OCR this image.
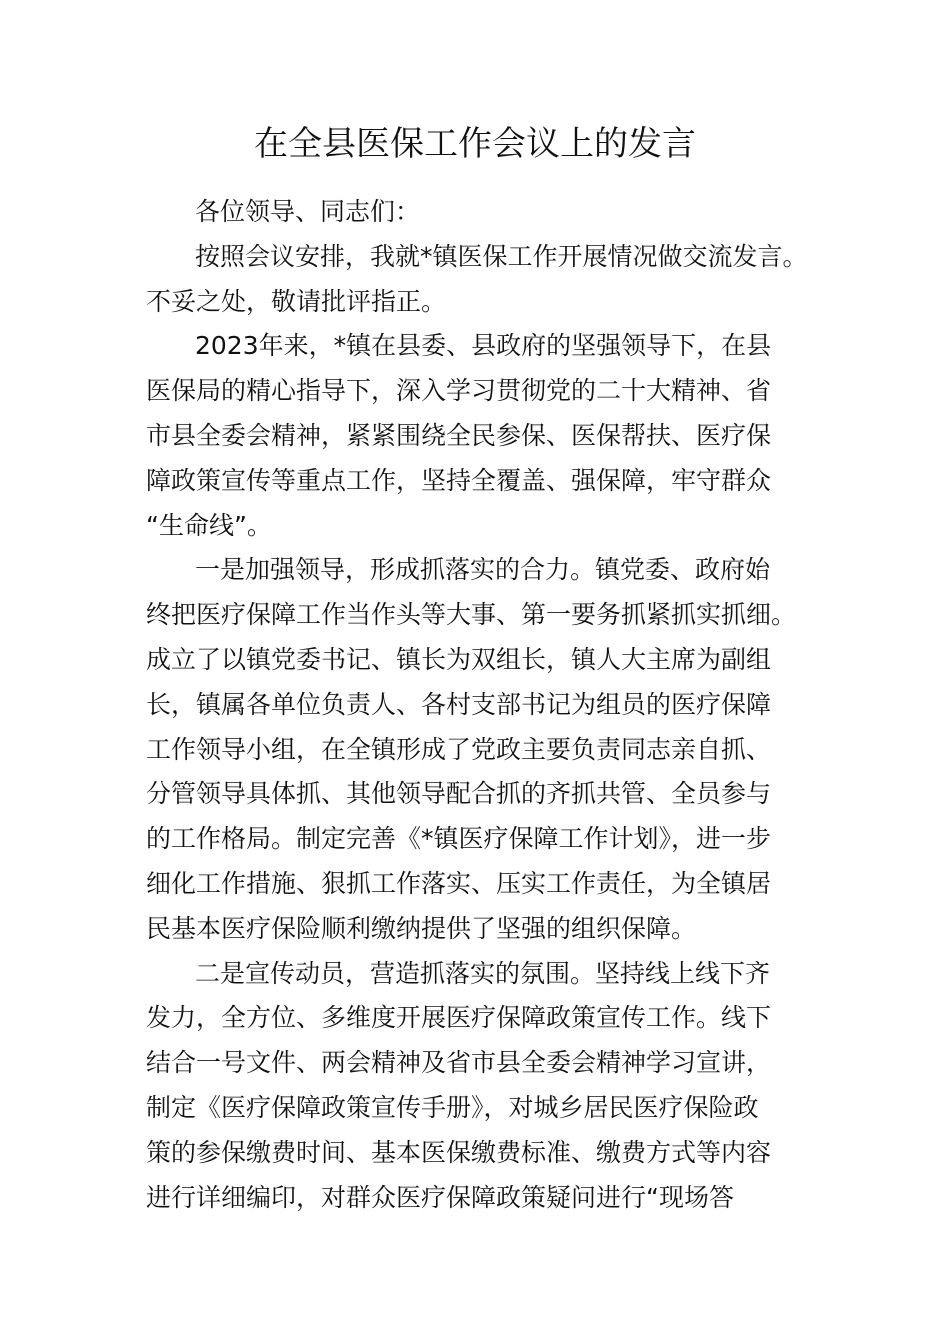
在全县医保工作会议上的发言
各位领导、同志们：
按照会议安排，我就*镇医保工作开展情况做交流发言。
不妥之处，敬请批评指正。
2023年来，*镇在县委、县政府的坚强领导下，在县
医保局的精心指导下，深入学习贯彻党的二十大精神、省
市县全委会精神，紧紧围绕全民参保、医保帮扶、医疗保
障政策宣传等重点工作，坚持全覆盖、强保障，牢守群众
“生命线”。
一是加强领导，形成抓落实的合力。镇党委、政府始
终把医疗保障工作当作头等大事、第一要务抓紧抓实抓细。
成立了以镇党委书记、镇长为双组长，镇人大主席为副组
长，镇属各单位负责人、各村支部书记为组员的医疗保障
工作领导小组，在全镇形成了党政主要负责同志亲自抓、
分管领导具体抓、其他领导配合抓的齐抓共管、全员参与
的工作格局。制定完善《*镇医疗保障工作计划》，进一步
细化工作措施、狠抓工作落实、压实工作责任，为全镇居
民基本医疗保险顺利缴纳提供了坚强的组织保障。
二是宣传动员，营造抓落实的氛围。坚持线上线下齐
发力，全方位、多维度开展医疗保障政策宣传工作。线下
结合一号文件、两会精神及省市县全委会精神学习宣讲，
制定《医疗保障政策宣传手册》，对城乡居民医疗保险政
策的参保缴费时间、基本医保缴费标准、缴费方式等内容
进行详细编印，对群众医疗保障政策疑问进行“现场答
